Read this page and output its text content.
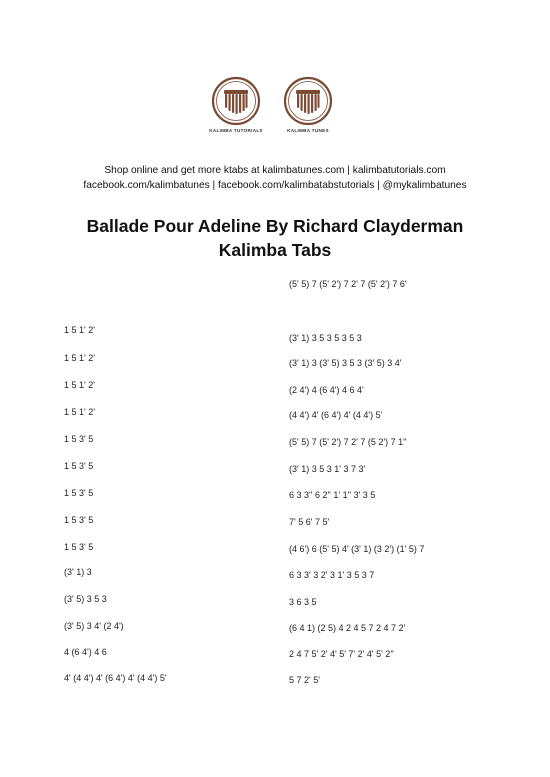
KALIMBA TUTORIALS	KALIMBA TUNES
Shop online and get more ktabs at kalimbatunes.com | kalimbatutorials.com
facebook.com/kalimbatunes | facebook.com/kalimbatabstutorials | @mykalimbatunes
Ballade Pour Adeline By Richard Clayderman
Kalimba Tabs
1 5 1' 2'
1 5 1' 2'
1 5 1' 2'
1 5 1' 2'
1 5 3' 5
1 5 3' 5
1 5 3' 5
1 5 3' 5
1 5 3' 5
(3' 1) 3
(3' 5) 3 5 3
(3' 5) 3 4' (2 4')
4 (6 4') 4 6
4' (4 4') 4' (6 4') 4' (4 4') 5'
(5' 5) 7 (5' 2') 7 2' 7 (5' 2') 7 6'
(3' 1) 3 5 3 5 3 5 3
(3' 1) 3 (3' 5) 3 5 3 (3' 5) 3 4'
(2 4') 4 (6 4') 4 6 4'
(4 4') 4' (6 4') 4' (4 4') 5'
(5' 5) 7 (5' 2') 7 2' 7 (5 2') 7 1''
(3' 1) 3 5 3 1' 3 7 3'
6 3 3'' 6 2'' 1' 1'' 3' 3 5
7' 5 6' 7 5'
(4 6') 6 (5' 5) 4' (3' 1) (3 2') (1' 5) 7
6 3 3' 3 2' 3 1' 3 5 3 7
3 6 3 5
(6 4 1) (2 5) 4 2 4 5 7 2 4 7 2'
2 4 7 5' 2' 4' 5' 7' 2' 4' 5' 2''
5 7 2' 5'
